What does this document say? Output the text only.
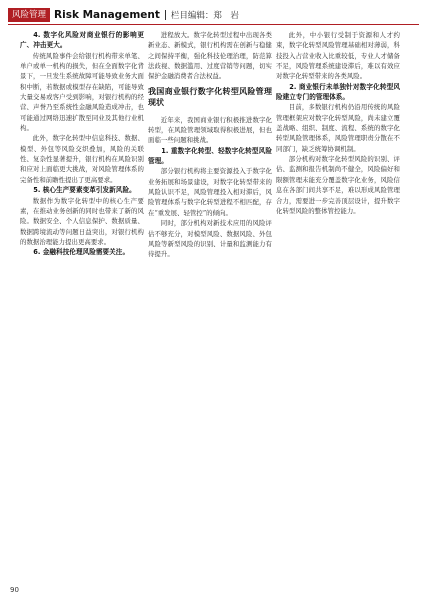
风险管理 Risk Management 栏目编辑：郑　岩
4. 数字化风险对商业银行的影响更广、冲击更大。
传统风险事件会给银行机构带来单笔、单户或单一机构的损失，但在全面数字化背景下，一旦发生系统故障可能导致业务大面积中断，若数据或模型存在缺陷，可能导致大量交易或客户受到影响，对银行机构的经营、声誉乃至系统性金融风险造成冲击，也可能通过网络迅速扩散至同业及其他行业机构。
此外，数字化转型中信息科技、数据、模型、外包等风险交织叠加，风险的关联性、复杂性显著提升，银行机构在风险识别和应对上面临更大挑战，对风险管理体系的完备性和前瞻性提出了更高要求。
5. 核心生产要素变革引发新风险。
数据作为数字化转型中的核心生产要素，在推动业务创新的同时也带来了新的风险。数据安全、个人信息保护、数据质量、数据跨境流动等问题日益突出，对银行机构的数据治理能力提出更高要求。
6. 金融科技伦理风险需要关注。
进程放大。数字化转型过程中出现各类新业态、新模式，银行机构需在创新与稳健之间保持平衡，强化科技伦理治理，防范算法歧视、数据滥用、过度营销等问题，切实保护金融消费者合法权益。
我国商业银行数字化转型风险管理现状
近年来，我国商业银行积极推进数字化转型，在风险管理领域取得积极进展，但也面临一些问题和挑战。
1. 重数字化转型、轻数字化转型风险管理。
部分银行机构将主要资源投入于数字化业务拓展和场景建设，对数字化转型带来的风险认识不足，风险管理投入相对滞后，风险管理体系与数字化转型进程不相匹配，存在“重发展、轻管控”的倾向。
同时，部分机构对新技术应用的风险评估不够充分，对模型风险、数据风险、外包风险等新型风险的识别、计量和监测能力有待提升。
此外，中小银行受制于资源和人才约束，数字化转型风险管理基础相对薄弱，科技投入占营业收入比重较低，专业人才储备不足，风险管理系统建设滞后，难以有效应对数字化转型带来的各类风险。
2. 商业银行未单独针对数字化转型风险建立专门的管理体系。
目前，多数银行机构仍沿用传统的风险管理框架应对数字化转型风险，尚未建立覆盖战略、组织、制度、流程、系统的数字化转型风险管理体系，风险管理职责分散在不同部门，缺乏统筹协调机制。
部分机构对数字化转型风险的识别、评估、监测和报告机制尚不健全，风险偏好和限额管理未能充分覆盖数字化业务，风险信息在各部门间共享不足，难以形成风险管理合力，需要进一步完善顶层设计，提升数字化转型风险的整体管控能力。
90
